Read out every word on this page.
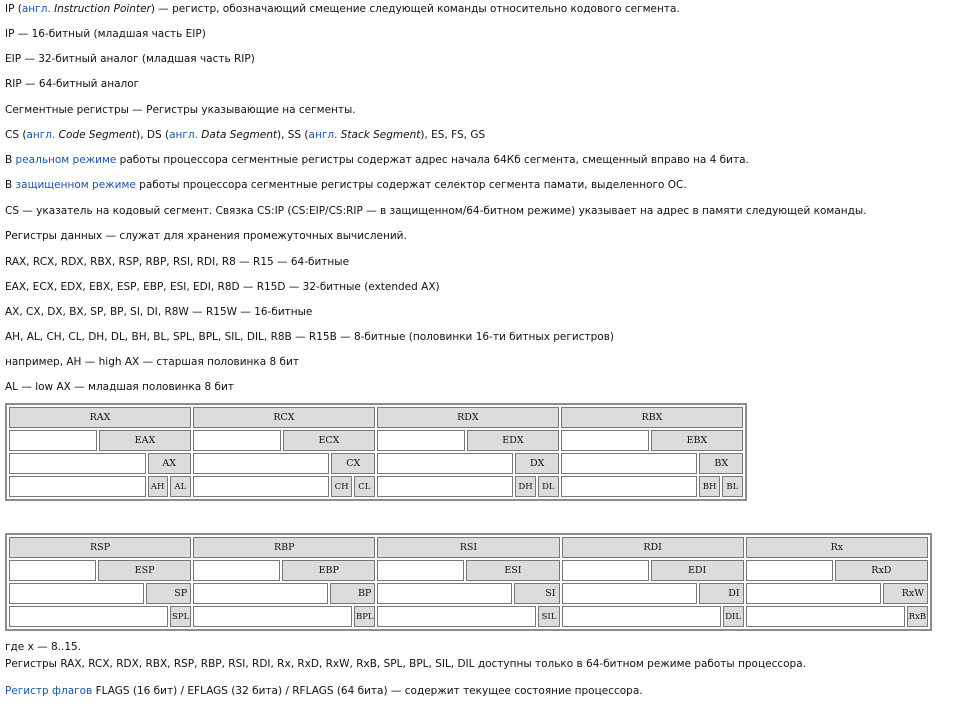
IP (англ. Instruction Pointer) — регистр, обозначающий смещение следующей команды относительно кодового сегмента.
IP — 16-битный (младшая часть EIP)
EIP — 32-битный аналог (младшая часть RIP)
RIP — 64-битный аналог
Сегментные регистры — Регистры указывающие на сегменты.
CS (англ. Code Segment), DS (англ. Data Segment), SS (англ. Stack Segment), ES, FS, GS
В реальном режиме работы процессора сегментные регистры содержат адрес начала 64Кб сегмента, смещенный вправо на 4 бита.
В защищенном режиме работы процессора сегментные регистры содержат селектор сегмента памати, выделенного ОС.
CS — указатель на кодовый сегмент. Связка CS:IP (CS:EIP/CS:RIP — в защищенном/64-битном режиме) указывает на адрес в памяти следующей команды.
Регистры данных — служат для хранения промежуточных вычислений.
RAX, RCX, RDX, RBX, RSP, RBP, RSI, RDI, R8 — R15 — 64-битные
EAX, ECX, EDX, EBX, ESP, EBP, ESI, EDI, R8D — R15D — 32-битные (extended AX)
AX, CX, DX, BX, SP, BP, SI, DI, R8W — R15W — 16-битные
AH, AL, CH, CL, DH, DL, BH, BL, SPL, BPL, SIL, DIL, R8B — R15B — 8-битные (половинки 16-ти битных регистров)
например, AH — high AX — старшая половинка 8 бит
AL — low AX — младшая половинка 8 бит
RAX				RCX				RDX				RBX			
	EAX				ECX				EDX				EBX		
		AX				CX				DX				BX	
		AH	AL			CH	CL			DH	DL			BH	BL
RSP				RBP				RSI				RDI				Rx			
	ESP				EBP				ESI				EDI				RxD		
		SP				BP				SI				DI				RxW	
			SPL				BPL				SIL				DIL				RxB
где x — 8..15.
Регистры RAX, RCX, RDX, RBX, RSP, RBP, RSI, RDI, Rx, RxD, RxW, RxB, SPL, BPL, SIL, DIL доступны только в 64-битном режиме работы процессора.
Регистр флагов FLAGS (16 бит) / EFLAGS (32 бита) / RFLAGS (64 бита) — содержит текущее состояние процессора.
